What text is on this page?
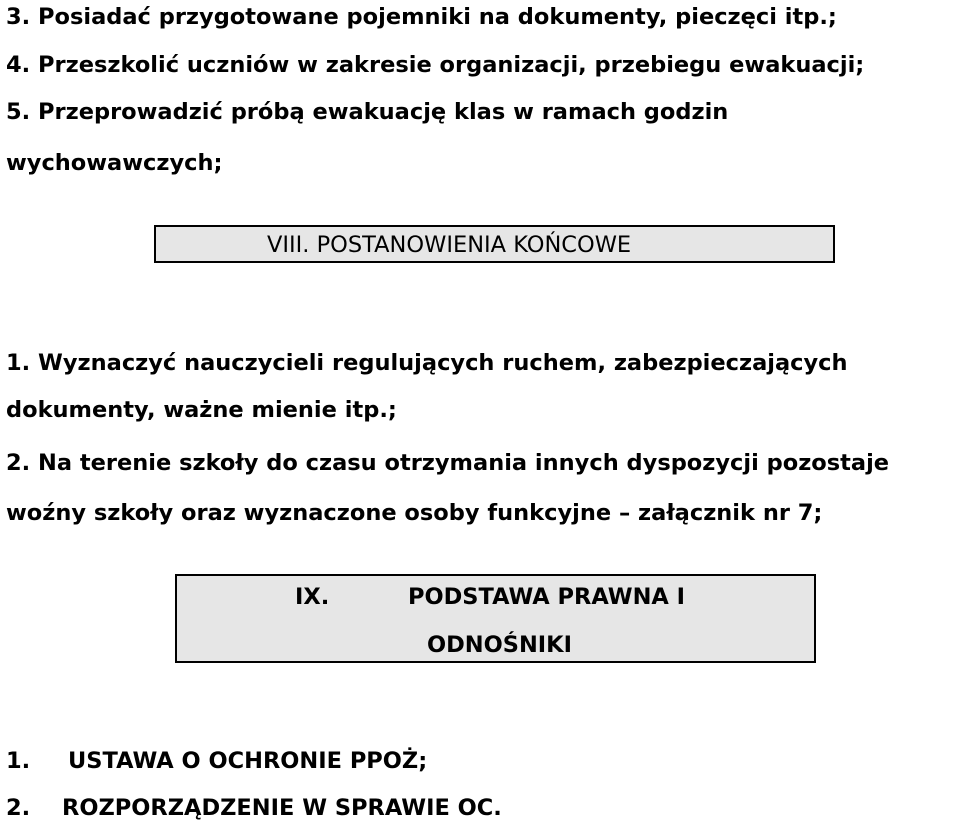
3. Posiadać przygotowane pojemniki na dokumenty, pieczęci itp.;
4. Przeszkolić uczniów w zakresie organizacji, przebiegu ewakuacji;
5. Przeprowadzić próbą ewakuację klas w ramach godzin
wychowawczych;
VIII. POSTANOWIENIA KOŃCOWE
1. Wyznaczyć nauczycieli regulujących ruchem, zabezpieczających
dokumenty, ważne mienie itp.;
2. Na terenie szkoły do czasu otrzymania innych dyspozycji pozostaje
woźny szkoły oraz wyznaczone osoby funkcyjne – załącznik nr 7;
IX.	PODSTAWA PRAWNA I
ODNOŚNIKI
1. USTAWA O OCHRONIE PPOŻ;
2. ROZPORZĄDZENIE W SPRAWIE OC.
